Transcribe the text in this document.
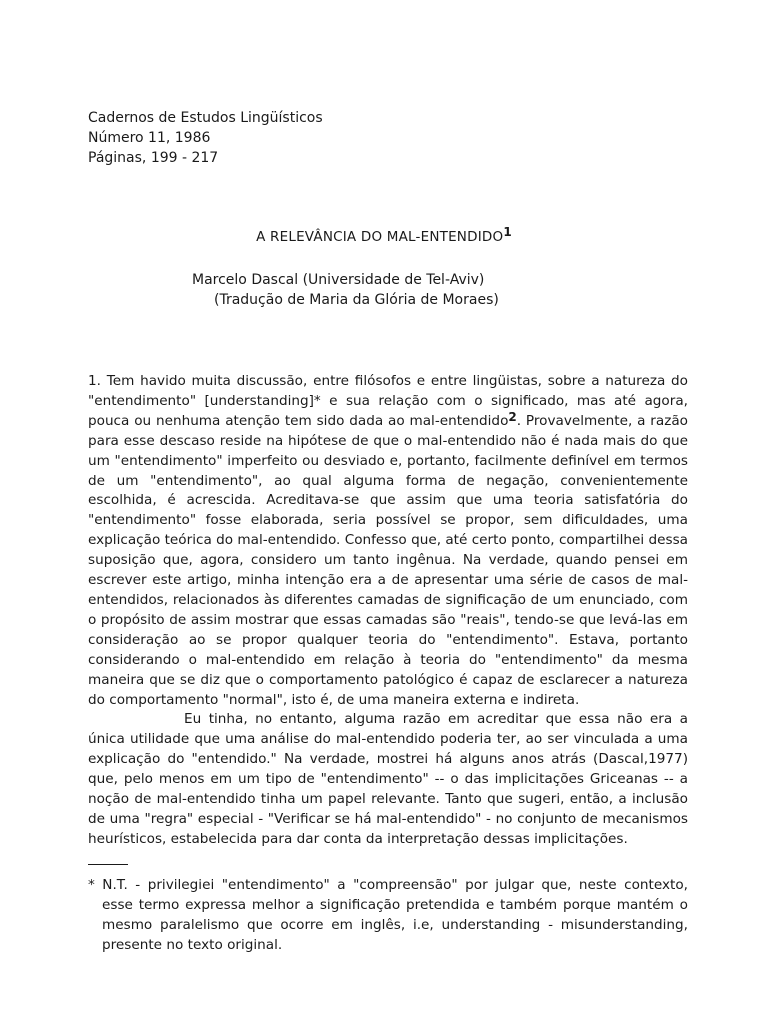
Cadernos de Estudos Lingüísticos
Número 11, 1986
Páginas, 199 - 217
A RELEVÂNCIA DO MAL-ENTENDIDO$^1$
Marcelo Dascal (Universidade de Tel-Aviv)
(Tradução de Maria da Glória de Moraes)

1. Tem havido muita discussão, entre filósofos e entre lingüistas, sobre a natureza do "entendimento" [understanding]* e sua relação com o significado, mas até agora, pouca ou nenhuma atenção tem sido dada ao mal-entendido$^2$. Provavelmente, a razão para esse descaso reside na hipótese de que o mal-entendido não é nada mais do que um "entendimento" imperfeito ou desviado e, portanto, facilmente definível em termos de um "entendimento", ao qual alguma forma de negação, convenientemente escolhida, é acrescida. Acreditava-se que assim que uma teoria satisfatória do "entendimento" fosse elaborada, seria possível se propor, sem dificuldades, uma explicação teórica do mal-entendido. Confesso que, até certo ponto, compartilhei dessa suposição que, agora, considero um tanto ingênua. Na verdade, quando pensei em escrever este artigo, minha intenção era a de apresentar uma série de casos de mal-entendidos, relacionados às diferentes camadas de significação de um enunciado, com o propósito de assim mostrar que essas camadas são "reais", tendo-se que levá-las em consideração ao se propor qualquer teoria do "entendimento". Estava, portanto considerando o mal-entendido em relação à teoria do "entendimento" da mesma maneira que se diz que o comportamento patológico é capaz de esclarecer a natureza do comportamento "normal", isto é, de uma maneira externa e indireta.

Eu tinha, no entanto, alguma razão em acreditar que essa não era a única utilidade que uma análise do mal-entendido poderia ter, ao ser vinculada a uma explicação do "entendido." Na verdade, mostrei há alguns anos atrás (Dascal,1977) que, pelo menos em um tipo de "entendimento" -- o das implicitações Griceanas -- a noção de mal-entendido tinha um papel relevante. Tanto que sugeri, então, a inclusão de uma "regra" especial - "Verificar se há mal-entendido" - no conjunto de mecanismos heurísticos, estabelecida para dar conta da interpretação dessas implicitações.

* N.T. - privilegiei "entendimento" a "compreensão" por julgar que, neste contexto, esse termo expressa melhor a significação pretendida e também porque mantém o mesmo paralelismo que ocorre em inglês, i.e, understanding - misunderstanding, presente no texto original.
